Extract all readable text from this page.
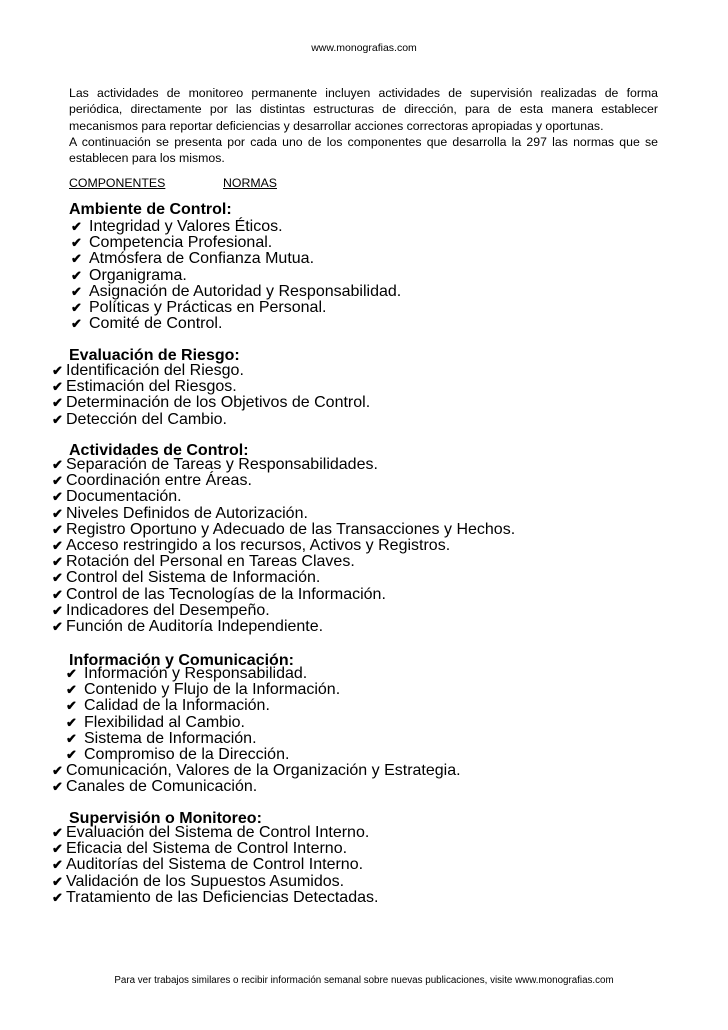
www.monografias.com

Las actividades de monitoreo permanente incluyen actividades de supervisión realizadas de forma periódica, directamente por las distintas estructuras de dirección, para de esta manera establecer mecanismos para reportar deficiencias y desarrollar acciones correctoras apropiadas y oportunas.

A continuación se presenta por cada uno de los componentes que desarrolla la 297 las normas que se establecen para los mismos.

COMPONENTES	NORMAS
Ambiente de Control:
✔ Integridad y Valores Éticos.
✔ Competencia Profesional.
✔ Atmósfera de Confianza Mutua.
✔ Organigrama.
✔ Asignación de Autoridad y Responsabilidad.
✔ Políticas y Prácticas en Personal.
✔ Comité de Control.
Evaluación de Riesgo:
✔ Identificación del Riesgo.
✔ Estimación del Riesgos.
✔ Determinación de los Objetivos de Control.
✔ Detección del Cambio.
Actividades de Control:
✔ Separación de Tareas y Responsabilidades.
✔ Coordinación entre Áreas.
✔ Documentación.
✔ Niveles Definidos de Autorización.
✔ Registro Oportuno y Adecuado de las Transacciones y Hechos.
✔ Acceso restringido a los recursos, Activos y Registros.
✔ Rotación del Personal en Tareas Claves.
✔ Control del Sistema de Información.
✔ Control de las Tecnologías de la Información.
✔ Indicadores del Desempeño.
✔ Función de Auditoría Independiente.
Información y Comunicación:
✔ Información y Responsabilidad.
✔ Contenido y Flujo de la Información.
✔ Calidad de la Información.
✔ Flexibilidad al Cambio.
✔ Sistema de Información.
✔ Compromiso de la Dirección.
✔ Comunicación, Valores de la Organización y Estrategia.
✔ Canales de Comunicación.
Supervisión o Monitoreo:
✔ Evaluación del Sistema de Control Interno.
✔ Eficacia del Sistema de Control Interno.
✔ Auditorías del Sistema de Control Interno.
✔ Validación de los Supuestos Asumidos.
✔ Tratamiento de las Deficiencias Detectadas.
Para ver trabajos similares o recibir información semanal sobre nuevas publicaciones, visite www.monografias.com
